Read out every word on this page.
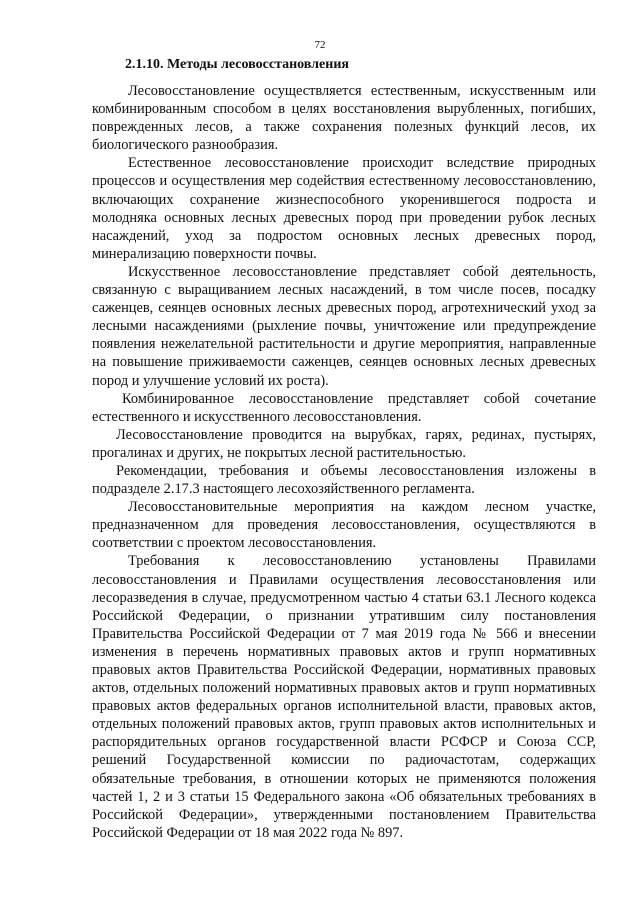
72
2.1.10. Методы лесовосстановления

Лесовосстановление осуществляется естественным, искусственным или комбинированным способом в целях восстановления вырубленных, погибших, поврежденных лесов, а также сохранения полезных функций лесов, их биологического разнообразия.

Естественное лесовосстановление происходит вследствие природных процессов и осуществления мер содействия естественному лесовосстановлению, включающих сохранение жизнеспособного укоренившегося подроста и молодняка основных лесных древесных пород при проведении рубок лесных насаждений, уход за подростом основных лесных древесных пород, минерализацию поверхности почвы.

Искусственное лесовосстановление представляет собой деятельность, связанную с выращиванием лесных насаждений, в том числе посев, посадку саженцев, сеянцев основных лесных древесных пород, агротехнический уход за лесными насаждениями (рыхление почвы, уничтожение или предупреждение появления нежелательной растительности и другие мероприятия, направленные на повышение приживаемости саженцев, сеянцев основных лесных древесных пород и улучшение условий их роста).

Комбинированное лесовосстановление представляет собой сочетание естественного и искусственного лесовосстановления.

Лесовосстановление проводится на вырубках, гарях, рединах, пустырях, прогалинах и других, не покрытых лесной растительностью.

Рекомендации, требования и объемы лесовосстановления изложены в подразделе 2.17.3 настоящего лесохозяйственного регламента.

Лесовосстановительные мероприятия на каждом лесном участке, предназначенном для проведения лесовосстановления, осуществляются в соответствии с проектом лесовосстановления.

Требования к лесовосстановлению установлены Правилами лесовосстановления и Правилами осуществления лесовосстановления или лесоразведения в случае, предусмотренном частью 4 статьи 63.1 Лесного кодекса Российской Федерации, о признании утратившим силу постановления Правительства Российской Федерации от 7 мая 2019 года № 566 и внесении изменения в перечень нормативных правовых актов и групп нормативных правовых актов Правительства Российской Федерации, нормативных правовых актов, отдельных положений нормативных правовых актов и групп нормативных правовых актов федеральных органов исполнительной власти, правовых актов, отдельных положений правовых актов, групп правовых актов исполнительных и распорядительных органов государственной власти РСФСР и Союза ССР, решений Государственной комиссии по радиочастотам, содержащих обязательные требования, в отношении которых не применяются положения частей 1, 2 и 3 статьи 15 Федерального закона «Об обязательных требованиях в Российской Федерации», утвержденными постановлением Правительства Российской Федерации от 18 мая 2022 года № 897.
